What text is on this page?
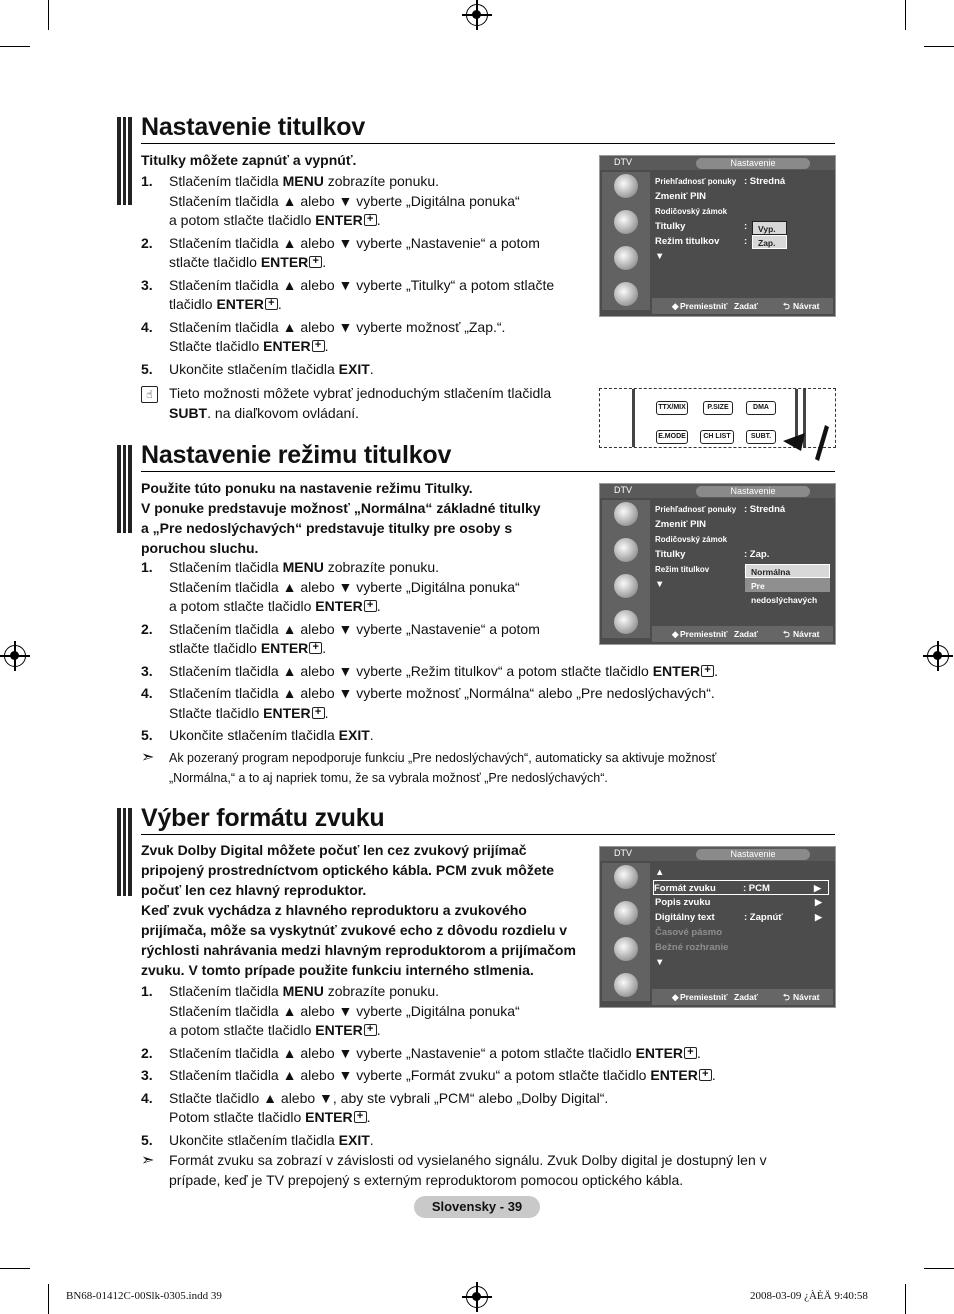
Nastavenie titulkov
Titulky môžete zapnúť a vypnúť.
1. Stlačením tlačidla MENU zobrazíte ponuku.
Stlačením tlačidla ▲ alebo ▼ vyberte „Digitálna ponuka“
a potom stlačte tlačidlo ENTER + .
2. Stlačením tlačidla ▲ alebo ▼ vyberte „Nastavenie“ a potom
stlačte tlačidlo ENTER + .
3. Stlačením tlačidla ▲ alebo ▼ vyberte „Titulky“ a potom stlačte
tlačidlo ENTER + .
4. Stlačením tlačidla ▲ alebo ▼ vyberte možnosť „Zap.“.
Stlačte tlačidlo ENTER + .
5. Ukončite stlačením tlačidla EXIT.
☝	Tieto možnosti môžete vybrať jednoduchým stlačením tlačidla SUBT. na diaľkovom ovládaní.
DTV	Nastavenie
Priehľadnosť ponuky : Stredná
Zmeniť PIN
Rodičovský zámok
Titulky	:
Režim titulkov	:
▼
Vyp.
Zap.
◆ Premiestniť Zadať	⮌ Návrat
TTX/MIX	P.SIZE	DMA
E.MODE	CH LIST	SUBT.
Nastavenie režimu titulkov
Použite túto ponuku na nastavenie režimu Titulky.
V ponuke predstavuje možnosť „Normálna“ základné titulky
a „Pre nedoslýchavých“ predstavuje titulky pre osoby s
poruchou sluchu.
1. Stlačením tlačidla MENU zobrazíte ponuku.
Stlačením tlačidla ▲ alebo ▼ vyberte „Digitálna ponuka“
a potom stlačte tlačidlo ENTER + .
2. Stlačením tlačidla ▲ alebo ▼ vyberte „Nastavenie“ a potom
stlačte tlačidlo ENTER + .
3. Stlačením tlačidla ▲ alebo ▼ vyberte „Režim titulkov“ a potom stlačte tlačidlo ENTER + .
4. Stlačením tlačidla ▲ alebo ▼ vyberte možnosť „Normálna“ alebo „Pre nedoslýchavých“.
Stlačte tlačidlo ENTER + .
5. Ukončite stlačením tlačidla EXIT.
➣	Ak pozeraný program nepodporuje funkciu „Pre nedoslýchavých“, automaticky sa aktivuje možnosť
„Normálna,“ a to aj napriek tomu, že sa vybrala možnosť „Pre nedoslýchavých“.
DTV	Nastavenie
Priehľadnosť ponuky : Stredná
Zmeniť PIN
Rodičovský zámok
Titulky	: Zap.
Režim titulkov
▼
Normálna
Pre nedoslýchavých
◆ Premiestniť Zadať	⮌ Návrat
Výber formátu zvuku
Zvuk Dolby Digital môžete počuť len cez zvukový prijímač
pripojený prostredníctvom optického kábla. PCM zvuk môžete
počuť len cez hlavný reproduktor.
Keď zvuk vychádza z hlavného reproduktoru a zvukového
prijímača, môže sa vyskytnúť zvukové echo z dôvodu rozdielu v
rýchlosti nahrávania medzi hlavným reproduktorom a prijímačom
zvuku. V tomto prípade použite funkciu interného stlmenia.
1. Stlačením tlačidla MENU zobrazíte ponuku.
Stlačením tlačidla ▲ alebo ▼ vyberte „Digitálna ponuka“
a potom stlačte tlačidlo ENTER + .
2. Stlačením tlačidla ▲ alebo ▼ vyberte „Nastavenie“ a potom stlačte tlačidlo ENTER + .
3. Stlačením tlačidla ▲ alebo ▼ vyberte „Formát zvuku“ a potom stlačte tlačidlo ENTER + .
4. Stlačte tlačidlo ▲ alebo ▼, aby ste vybrali „PCM“ alebo „Dolby Digital“.
Potom stlačte tlačidlo ENTER + .
5. Ukončite stlačením tlačidla EXIT.
➣	Formát zvuku sa zobrazí v závislosti od vysielaného signálu. Zvuk Dolby digital je dostupný len v
prípade, keď je TV prepojený s externým reproduktorom pomocou optického kábla.
DTV	Nastavenie
▲
Formát zvuku	: PCM	▶
Popis zvuku	▶
Digitálny text	: Zapnúť	▶
Časové pásmo
Bežné rozhranie
▼
◆ Premiestniť Zadať	⮌ Návrat
Slovensky - 39
BN68-01412C-00Slk-0305.indd 39	2008-03-09 ¿ÀÈÄ 9:40:58
